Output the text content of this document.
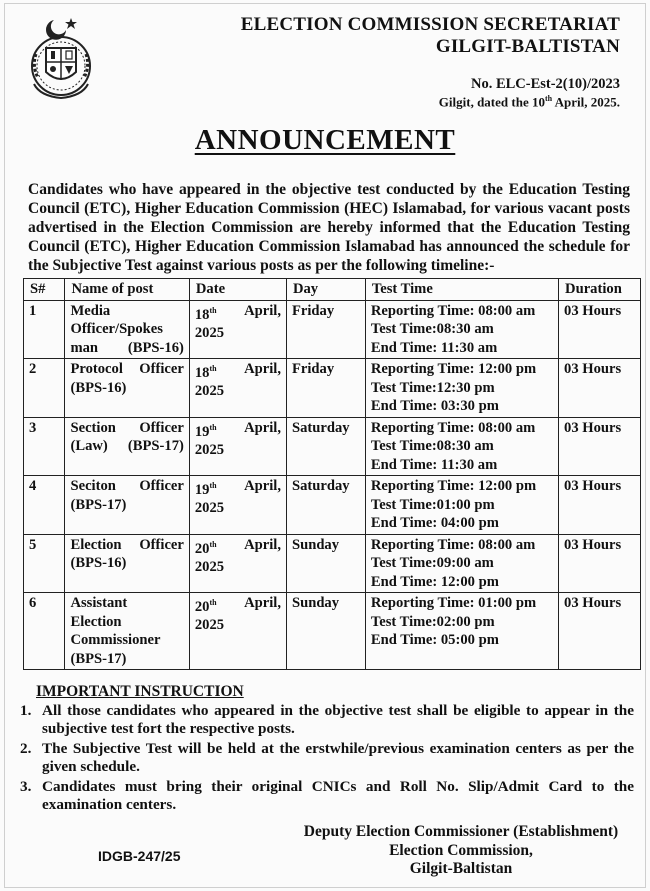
ELECTION COMMISSION SECRETARIAT
GILGIT-BALTISTAN
No. ELC-Est-2(10)/2023
Gilgit, dated the 10th April, 2025.
ANNOUNCEMENT
Candidates who have appeared in the objective test conducted by the Education Testing Council (ETC), Higher Education Commission (HEC) Islamabad, for various vacant posts advertised in the Election Commission are hereby informed that the Education Testing Council (ETC), Higher Education Commission Islamabad has announced the schedule for the Subjective Test against various posts as per the following timeline:-
S#	Name of post	Date	Day	Test Time	Duration
1	Media
Officer/Spokes
man (BPS-16)	18th April,
2025	Friday	Reporting Time: 08:00 am
Test Time:08:30 am
End Time: 11:30 am	03 Hours
2	Protocol Officer
(BPS-16)	18th April,
2025	Friday	Reporting Time: 12:00 pm
Test Time:12:30 pm
End Time: 03:30 pm	03 Hours
3	Section Officer
(Law) (BPS-17)	19th April,
2025	Saturday	Reporting Time: 08:00 am
Test Time:08:30 am
End Time: 11:30 am	03 Hours
4	Seciton Officer
(BPS-17)	19th April,
2025	Saturday	Reporting Time: 12:00 pm
Test Time:01:00 pm
End Time: 04:00 pm	03 Hours
5	Election Officer
(BPS-16)	20th April,
2025	Sunday	Reporting Time: 08:00 am
Test Time:09:00 am
End Time: 12:00 pm	03 Hours
6	Assistant
Election
Commissioner
(BPS-17)	20th April,
2025	Sunday	Reporting Time: 01:00 pm
Test Time:02:00 pm
End Time: 05:00 pm	03 Hours
IMPORTANT INSTRUCTION
1. All those candidates who appeared in the objective test shall be eligible to appear in the subjective test fort the respective posts.
2. The Subjective Test will be held at the erstwhile/previous examination centers as per the given schedule.
3. Candidates must bring their original CNICs and Roll No. Slip/Admit Card to the examination centers.
IDGB-247/25
Deputy Election Commissioner (Establishment)
Election Commission,
Gilgit-Baltistan
